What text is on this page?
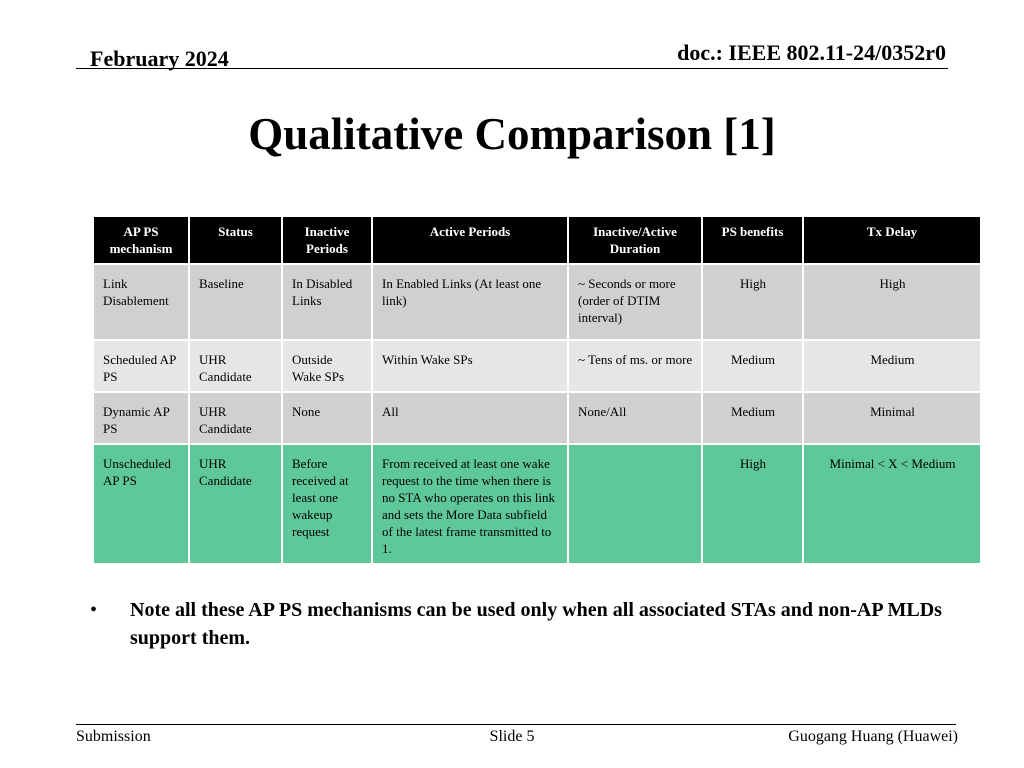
February 2024	doc.: IEEE 802.11-24/0352r0
Qualitative Comparison [1]
AP PS mechanism	Status	Inactive Periods	Active Periods	Inactive/Active Duration	PS benefits	Tx Delay
Link Disablement	Baseline	In Disabled Links	In Enabled Links (At least one link)	~ Seconds or more (order of DTIM interval)	High	High
Scheduled AP PS	UHR Candidate	Outside Wake SPs	Within Wake SPs	~ Tens of ms. or more	Medium	Medium
Dynamic AP PS	UHR Candidate	None	All	None/All	Medium	Minimal
Unscheduled AP PS	UHR Candidate	Before received at least one wakeup request	From received at least one wake request to the time when there is no STA who operates on this link and sets the More Data subfield of the latest frame transmitted to 1.		High	Minimal < X < Medium
• Note all these AP PS mechanisms can be used only when all associated STAs and non-AP MLDs support them.
Submission	Slide 5	Guogang Huang (Huawei)
